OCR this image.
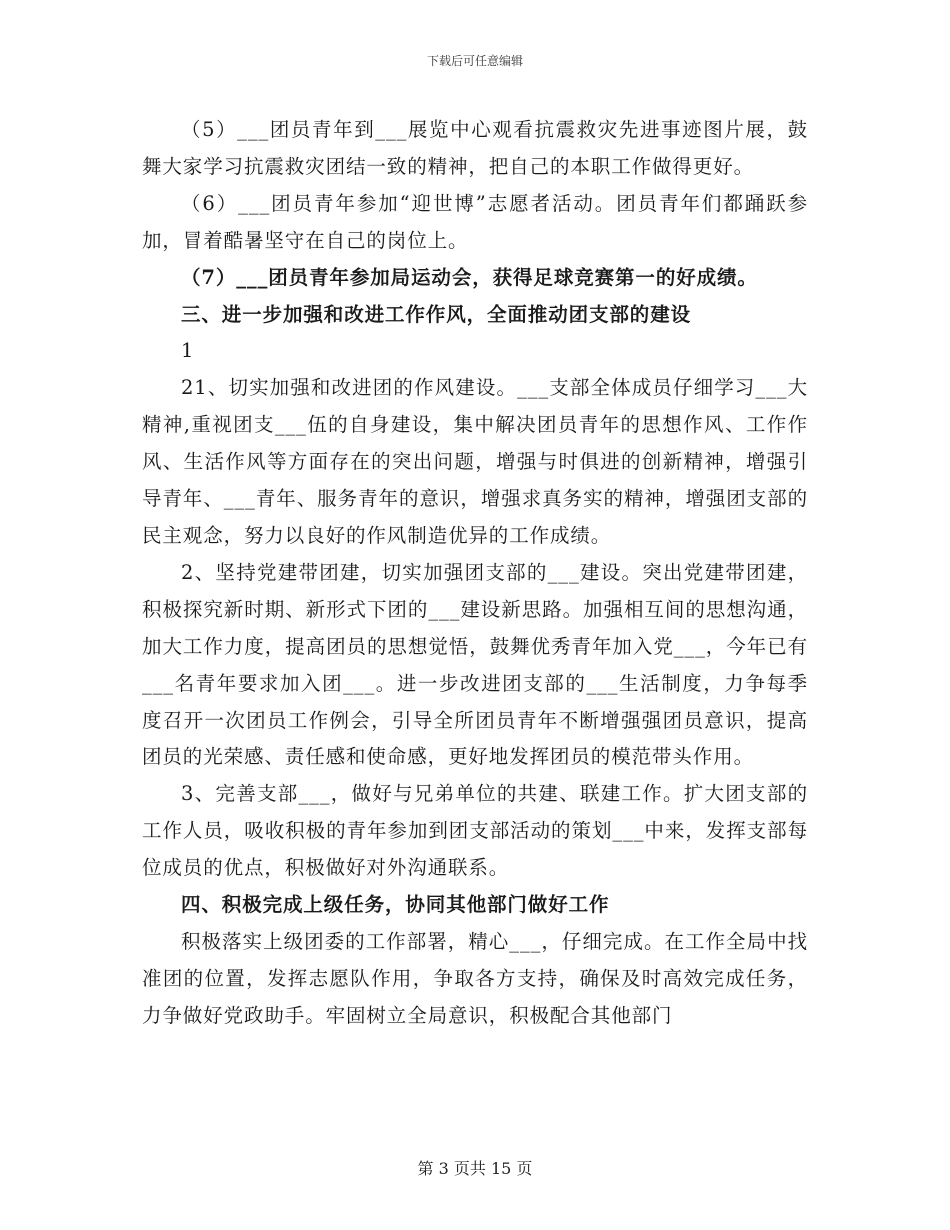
下载后可任意编辑

（5）___团员青年到___展览中心观看抗震救灾先进事迹图片展，鼓舞大家学习抗震救灾团结一致的精神，把自己的本职工作做得更好。

（6）___团员青年参加“迎世博”志愿者活动。团员青年们都踊跃参加，冒着酷暑坚守在自己的岗位上。

（7）___团员青年参加局运动会，获得足球竞赛第一的好成绩。

三、进一步加强和改进工作作风，全面推动团支部的建设

1

21、切实加强和改进团的作风建设。___支部全体成员仔细学习___大精神,重视团支___伍的自身建设，集中解决团员青年的思想作风、工作作风、生活作风等方面存在的突出问题，增强与时俱进的创新精神，增强引导青年、___青年、服务青年的意识，增强求真务实的精神，增强团支部的民主观念，努力以良好的作风制造优异的工作成绩。

2、坚持党建带团建，切实加强团支部的___建设。突出党建带团建，积极探究新时期、新形式下团的___建设新思路。加强相互间的思想沟通，加大工作力度，提高团员的思想觉悟，鼓舞优秀青年加入党___，今年已有___名青年要求加入团___。进一步改进团支部的___生活制度，力争每季度召开一次团员工作例会，引导全所团员青年不断增强强团员意识，提高团员的光荣感、责任感和使命感，更好地发挥团员的模范带头作用。

3、完善支部___，做好与兄弟单位的共建、联建工作。扩大团支部的工作人员，吸收积极的青年参加到团支部活动的策划___中来，发挥支部每位成员的优点，积极做好对外沟通联系。

四、积极完成上级任务，协同其他部门做好工作

积极落实上级团委的工作部署，精心___，仔细完成。在工作全局中找准团的位置，发挥志愿队作用，争取各方支持，确保及时高效完成任务，力争做好党政助手。牢固树立全局意识，积极配合其他部门

第 3 页共 15 页
